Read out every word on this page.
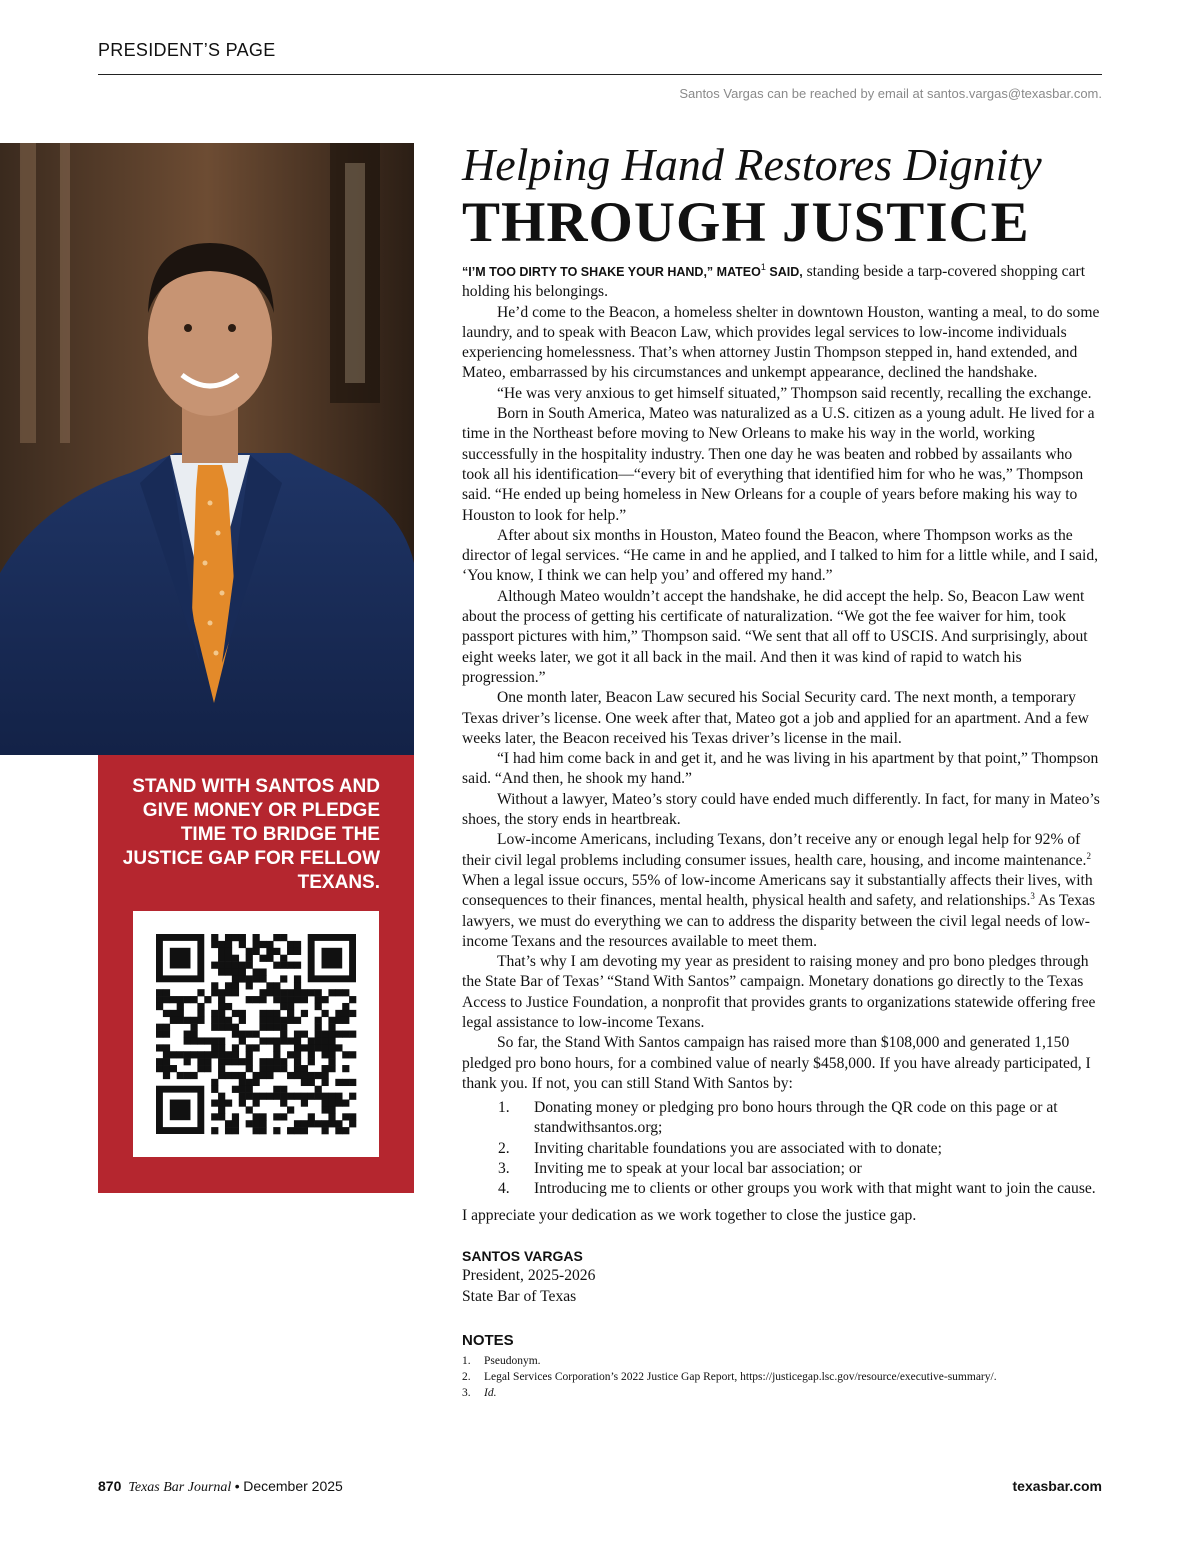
PRESIDENT’S PAGE
Santos Vargas can be reached by email at santos.vargas@texasbar.com.
STAND WITH SANTOS AND GIVE MONEY OR PLEDGE TIME TO BRIDGE THE JUSTICE GAP FOR FELLOW TEXANS.
Helping Hand Restores Dignity
THROUGH JUSTICE

“I’M TOO DIRTY TO SHAKE YOUR HAND,” MATEO$^1$ SAID, standing beside a tarp-covered shopping cart holding his belongings.

He’d come to the Beacon, a homeless shelter in downtown Houston, wanting a meal, to do some laundry, and to speak with Beacon Law, which provides legal services to low-income individuals experiencing homelessness. That’s when attorney Justin Thompson stepped in, hand extended, and Mateo, embarrassed by his circumstances and unkempt appearance, declined the handshake.

“He was very anxious to get himself situated,” Thompson said recently, recalling the exchange.

Born in South America, Mateo was naturalized as a U.S. citizen as a young adult. He lived for a time in the Northeast before moving to New Orleans to make his way in the world, working successfully in the hospitality industry. Then one day he was beaten and robbed by assailants who took all his identification—“every bit of everything that identified him for who he was,” Thompson said. “He ended up being homeless in New Orleans for a couple of years before making his way to Houston to look for help.”

After about six months in Houston, Mateo found the Beacon, where Thompson works as the director of legal services. “He came in and he applied, and I talked to him for a little while, and I said, ‘You know, I think we can help you’ and offered my hand.”

Although Mateo wouldn’t accept the handshake, he did accept the help. So, Beacon Law went about the process of getting his certificate of naturalization. “We got the fee waiver for him, took passport pictures with him,” Thompson said. “We sent that all off to USCIS. And surprisingly, about eight weeks later, we got it all back in the mail. And then it was kind of rapid to watch his progression.”

One month later, Beacon Law secured his Social Security card. The next month, a temporary Texas driver’s license. One week after that, Mateo got a job and applied for an apartment. And a few weeks later, the Beacon received his Texas driver’s license in the mail.

“I had him come back in and get it, and he was living in his apartment by that point,” Thompson said. “And then, he shook my hand.”

Without a lawyer, Mateo’s story could have ended much differently. In fact, for many in Mateo’s shoes, the story ends in heartbreak.

Low-income Americans, including Texans, don’t receive any or enough legal help for 92% of their civil legal problems including consumer issues, health care, housing, and income maintenance.$^2$ When a legal issue occurs, 55% of low-income Americans say it substantially affects their lives, with consequences to their finances, mental health, physical health and safety, and relationships.$^3$ As Texas lawyers, we must do everything we can to address the disparity between the civil legal needs of low-income Texans and the resources available to meet them.

That’s why I am devoting my year as president to raising money and pro bono pledges through the State Bar of Texas’ “Stand With Santos” campaign. Monetary donations go directly to the Texas Access to Justice Foundation, a nonprofit that provides grants to organizations statewide offering free legal assistance to low-income Texans.

So far, the Stand With Santos campaign has raised more than $108,000 and generated 1,150 pledged pro bono hours, for a combined value of nearly $458,000. If you have already participated, I thank you. If not, you can still Stand With Santos by:

1. Donating money or pledging pro bono hours through the QR code on this page or at standwithsantos.org;
2. Inviting charitable foundations you are associated with to donate;
3. Inviting me to speak at your local bar association; or
4. Introducing me to clients or other groups you work with that might want to join the cause.

I appreciate your dedication as we work together to close the justice gap.

SANTOS VARGAS
President, 2025-2026
State Bar of Texas
NOTES
1. Pseudonym.
2. Legal Services Corporation’s 2022 Justice Gap Report, https://justicegap.lsc.gov/resource/executive-summary/.
3. Id.
870 Texas Bar Journal • December 2025	texasbar.com
